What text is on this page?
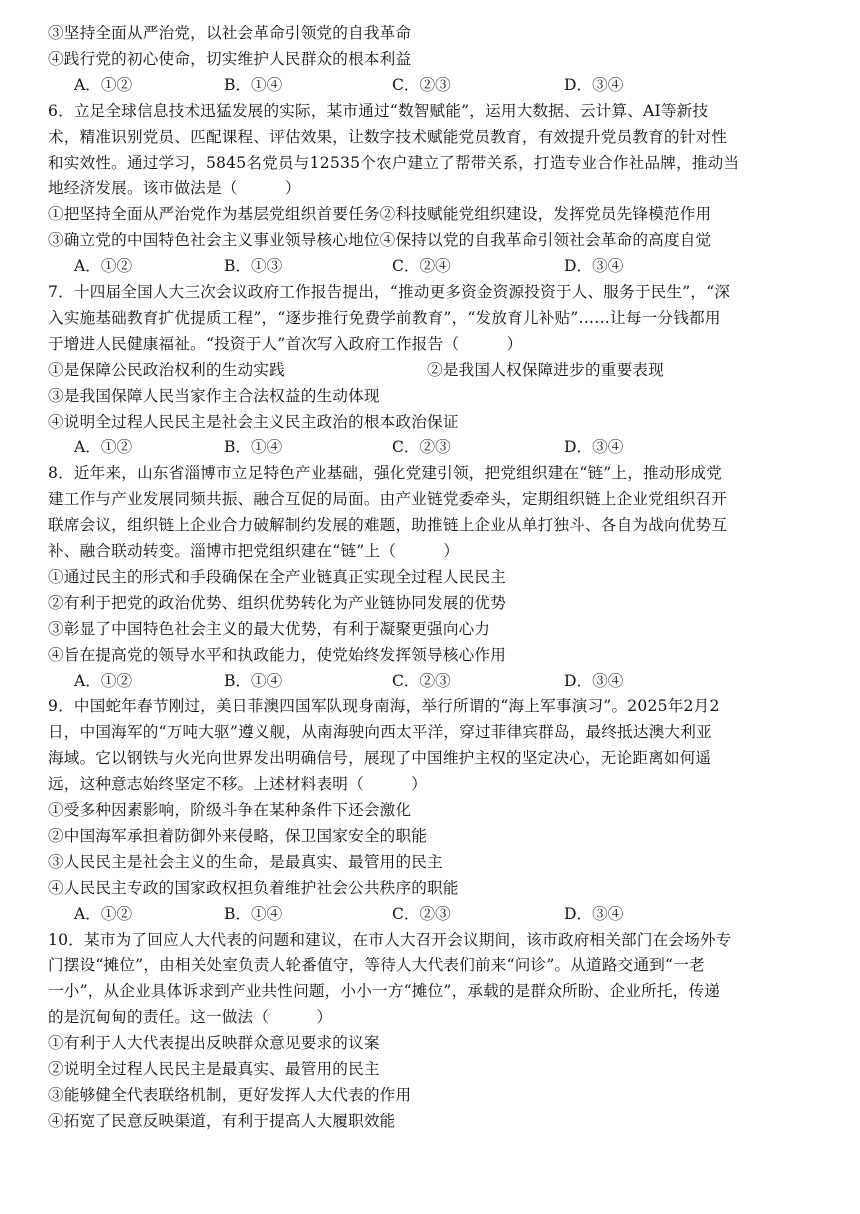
③坚持全面从严治党，以社会革命引领党的自我革命
④践行党的初心使命，切实维护人民群众的根本利益
A．①②	B．①④	C．②③	D．③④
6．立足全球信息技术迅猛发展的实际，某市通过“数智赋能”，运用大数据、云计算、AI等新技
术，精准识别党员、匹配课程、评估效果，让数字技术赋能党员教育，有效提升党员教育的针对性
和实效性。通过学习，5845名党员与12535个农户建立了帮带关系，打造专业合作社品牌，推动当
地经济发展。该市做法是（　　　）
①把坚持全面从严治党作为基层党组织首要任务②科技赋能党组织建设，发挥党员先锋模范作用
③确立党的中国特色社会主义事业领导核心地位④保持以党的自我革命引领社会革命的高度自觉
A．①②	B．①③	C．②④	D．③④
7．十四届全国人大三次会议政府工作报告提出，“推动更多资金资源投资于人、服务于民生”，“深
入实施基础教育扩优提质工程”，“逐步推行免费学前教育”，“发放育儿补贴”……让每一分钱都用
于增进人民健康福祉。“投资于人”首次写入政府工作报告（　　　）
①是保障公民政治权利的生动实践　　　　　　　　　②是我国人权保障进步的重要表现
③是我国保障人民当家作主合法权益的生动体现
④说明全过程人民民主是社会主义民主政治的根本政治保证
A．①②	B．①④	C．②③	D．③④
8．近年来，山东省淄博市立足特色产业基础，强化党建引领，把党组织建在“链”上，推动形成党
建工作与产业发展同频共振、融合互促的局面。由产业链党委牵头，定期组织链上企业党组织召开
联席会议，组织链上企业合力破解制约发展的难题，助推链上企业从单打独斗、各自为战向优势互
补、融合联动转变。淄博市把党组织建在“链”上（　　　）
①通过民主的形式和手段确保在全产业链真正实现全过程人民民主
②有利于把党的政治优势、组织优势转化为产业链协同发展的优势
③彰显了中国特色社会主义的最大优势，有利于凝聚更强向心力
④旨在提高党的领导水平和执政能力，使党始终发挥领导核心作用
A．①②	B．①④	C．②③	D．③④
9．中国蛇年春节刚过，美日菲澳四国军队现身南海，举行所谓的“海上军事演习”。2025年2月2
日，中国海军的“万吨大驱”遵义舰，从南海驶向西太平洋，穿过菲律宾群岛，最终抵达澳大利亚
海域。它以钢铁与火光向世界发出明确信号，展现了中国维护主权的坚定决心，无论距离如何遥
远，这种意志始终坚定不移。上述材料表明（　　　）
①受多种因素影响，阶级斗争在某种条件下还会激化
②中国海军承担着防御外来侵略，保卫国家安全的职能
③人民民主是社会主义的生命，是最真实、最管用的民主
④人民民主专政的国家政权担负着维护社会公共秩序的职能
A．①②	B．①④	C．②③	D．③④
10．某市为了回应人大代表的问题和建议，在市人大召开会议期间，该市政府相关部门在会场外专
门摆设“摊位”，由相关处室负责人轮番值守，等待人大代表们前来“问诊”。从道路交通到“一老
一小”，从企业具体诉求到产业共性问题，小小一方“摊位”，承载的是群众所盼、企业所托，传递
的是沉甸甸的责任。这一做法（　　　）
①有利于人大代表提出反映群众意见要求的议案
②说明全过程人民民主是最真实、最管用的民主
③能够健全代表联络机制，更好发挥人大代表的作用
④拓宽了民意反映渠道，有利于提高人大履职效能
